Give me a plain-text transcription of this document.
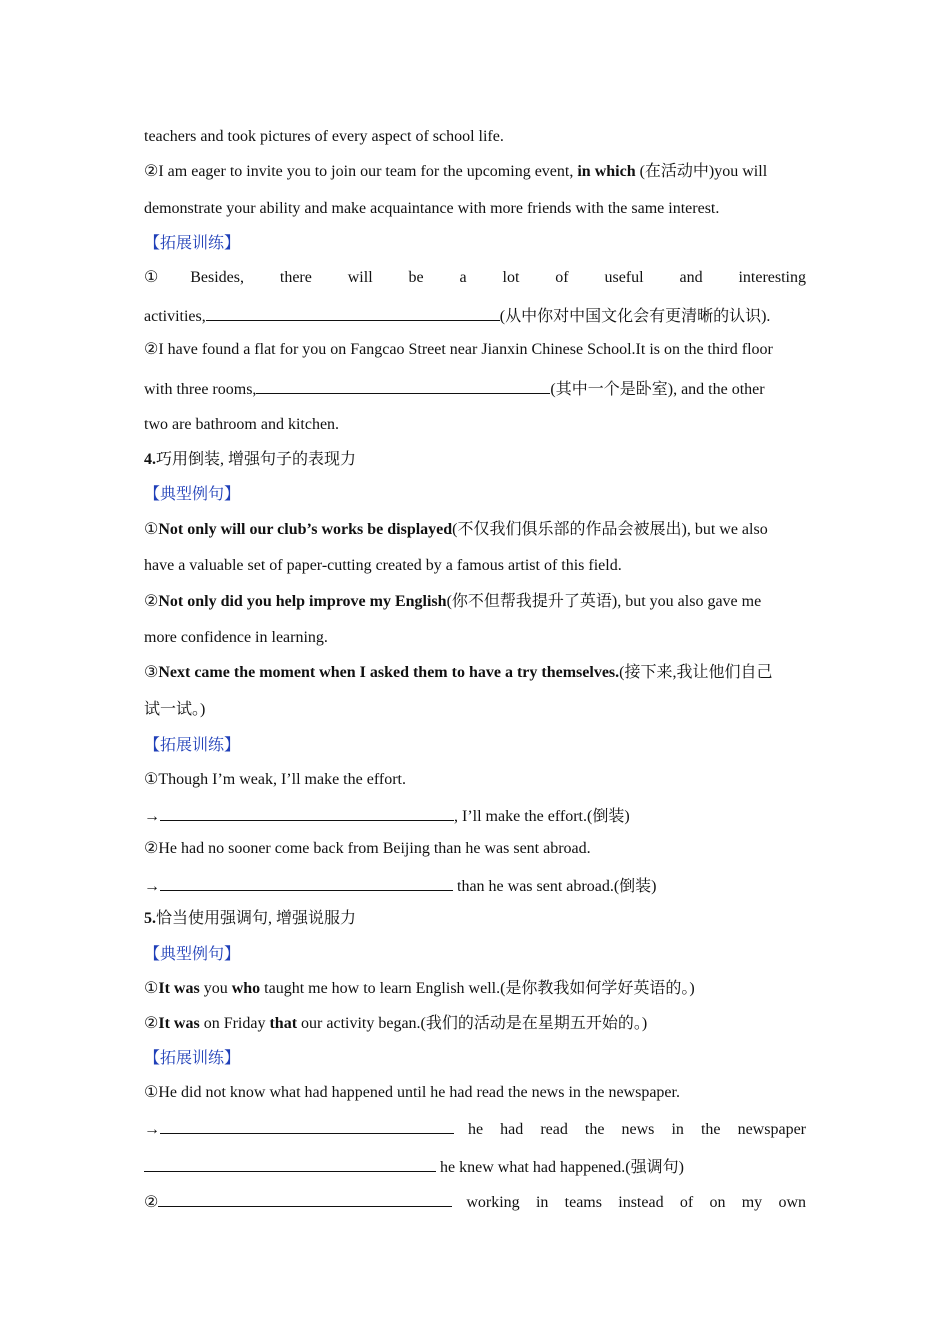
teachers and took pictures of every aspect of school life.
②I am eager to invite you to join our team for the upcoming event, in which (在活动中)you will
demonstrate your ability and make acquaintance with more friends with the same interest.
【拓展训练】
①Besides, there will be a lot of useful and interesting
activities,	(从中你对中国文化会有更清晰的认识).
②I have found a flat for you on Fangcao Street near Jianxin Chinese School.It is on the third floor
with three rooms,	(其中一个是卧室), and the other
two are bathroom and kitchen.
4.巧用倒装, 增强句子的表现力
【典型例句】
①Not only will our club’s works be displayed(不仅我们俱乐部的作品会被展出), but we also
have a valuable set of paper-cutting created by a famous artist of this field.
②Not only did you help improve my English(你不但帮我提升了英语), but you also gave me
more confidence in learning.
③Next came the moment when I asked them to have a try themselves.(接下来,我让他们自己
试一试。)
【拓展训练】
①Though I’m weak, I’ll make the effort.
→	, I’ll make the effort.(倒装)
②He had no sooner come back from Beijing than he was sent abroad.
→	than he was sent abroad.(倒装)
5.恰当使用强调句, 增强说服力
【典型例句】
①It was you who taught me how to learn English well.(是你教我如何学好英语的。)
②It was on Friday that our activity began.(我们的活动是在星期五开始的。)
【拓展训练】
①He did not know what had happened until he had read the news in the newspaper.
→	he had read the news in the newspaper
he knew what had happened.(强调句)
②	working in teams instead of on my own
